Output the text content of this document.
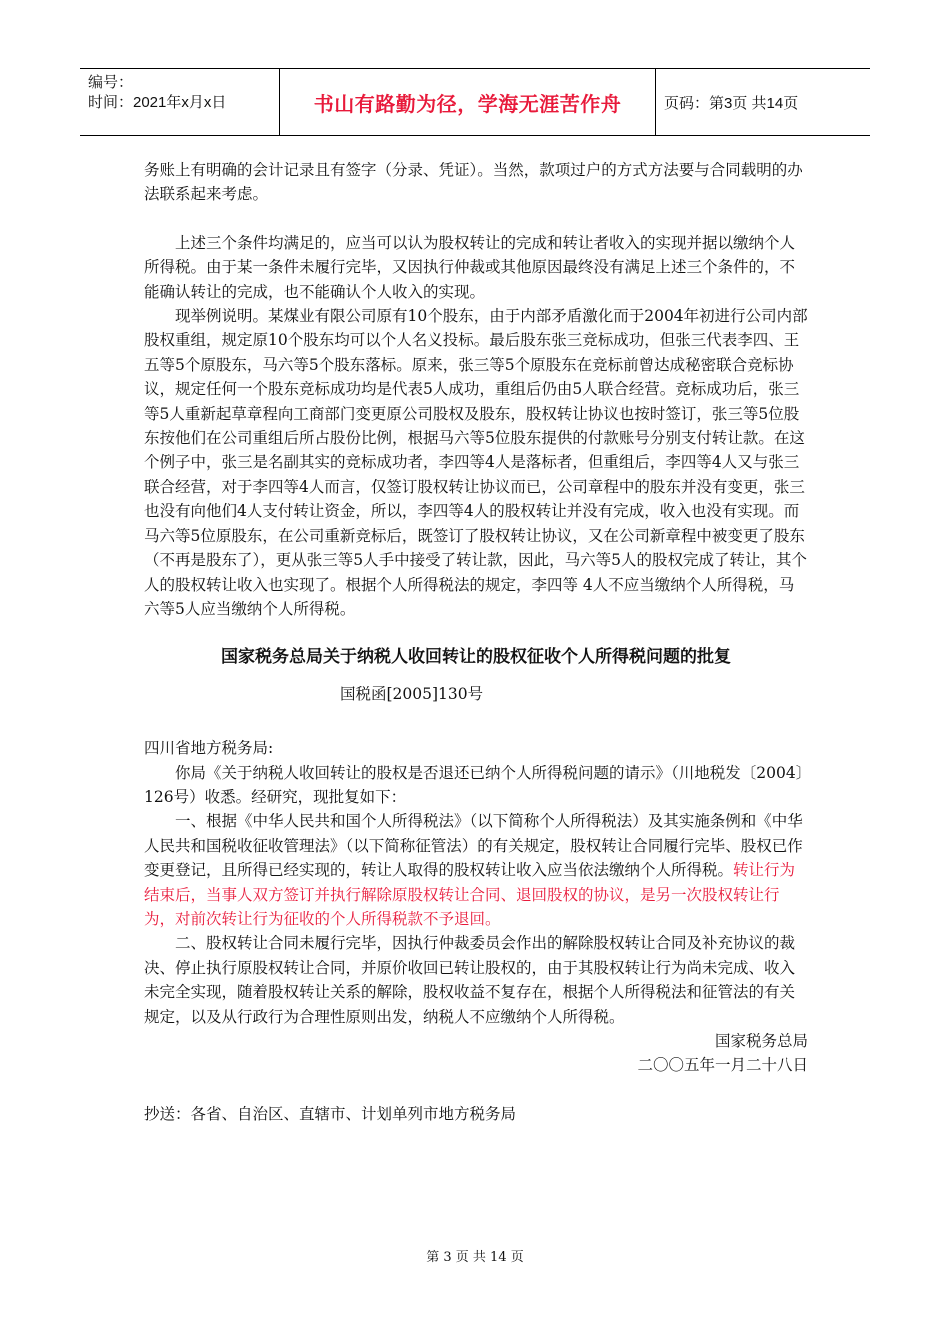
编号：
时间：2021年x月x日	书山有路勤为径，学海无涯苦作舟	页码：第3页 共14页

务账上有明确的会计记录且有签字（分录、凭证）。当然，款项过户的方式方法要与合同载明的办法联系起来考虑。

上述三个条件均满足的，应当可以认为股权转让的完成和转让者收入的实现并据以缴纳个人所得税。由于某一条件未履行完毕，又因执行仲裁或其他原因最终没有满足上述三个条件的，不能确认转让的完成，也不能确认个人收入的实现。

现举例说明。某煤业有限公司原有10个股东，由于内部矛盾激化而于2004年初进行公司内部股权重组，规定原10个股东均可以个人名义投标。最后股东张三竞标成功，但张三代表李四、王五等5个原股东，马六等5个股东落标。原来，张三等5个原股东在竞标前曾达成秘密联合竞标协议，规定任何一个股东竞标成功均是代表5人成功，重组后仍由5人联合经营。竞标成功后，张三等5人重新起草章程向工商部门变更原公司股权及股东，股权转让协议也按时签订，张三等5位股东按他们在公司重组后所占股份比例，根据马六等5位股东提供的付款账号分别支付转让款。在这个例子中，张三是名副其实的竞标成功者，李四等4人是落标者，但重组后，李四等4人又与张三联合经营，对于李四等4人而言，仅签订股权转让协议而已，公司章程中的股东并没有变更，张三也没有向他们4人支付转让资金，所以，李四等4人的股权转让并没有完成，收入也没有实现。而马六等5位原股东，在公司重新竞标后，既签订了股权转让协议，又在公司新章程中被变更了股东（不再是股东了），更从张三等5人手中接受了转让款，因此，马六等5人的股权完成了转让，其个人的股权转让收入也实现了。根据个人所得税法的规定，李四等 4人不应当缴纳个人所得税，马六等5人应当缴纳个人所得税。

国家税务总局关于纳税人收回转让的股权征收个人所得税问题的批复

国税函[2005]130号

四川省地方税务局:

你局《关于纳税人收回转让的股权是否退还已纳个人所得税问题的请示》（川地税发〔2004〕126号）收悉。经研究，现批复如下：

一、根据《中华人民共和国个人所得税法》（以下简称个人所得税法）及其实施条例和《中华人民共和国税收征收管理法》（以下简称征管法）的有关规定，股权转让合同履行完毕、股权已作变更登记，且所得已经实现的，转让人取得的股权转让收入应当依法缴纳个人所得税。转让行为结束后，当事人双方签订并执行解除原股权转让合同、退回股权的协议，是另一次股权转让行为，对前次转让行为征收的个人所得税款不予退回。

二、股权转让合同未履行完毕，因执行仲裁委员会作出的解除股权转让合同及补充协议的裁决、停止执行原股权转让合同，并原价收回已转让股权的，由于其股权转让行为尚未完成、收入未完全实现，随着股权转让关系的解除，股权收益不复存在，根据个人所得税法和征管法的有关规定，以及从行政行为合理性原则出发，纳税人不应缴纳个人所得税。

国家税务总局

二〇〇五年一月二十八日

抄送：各省、自治区、直辖市、计划单列市地方税务局

第 3 页 共 14 页
